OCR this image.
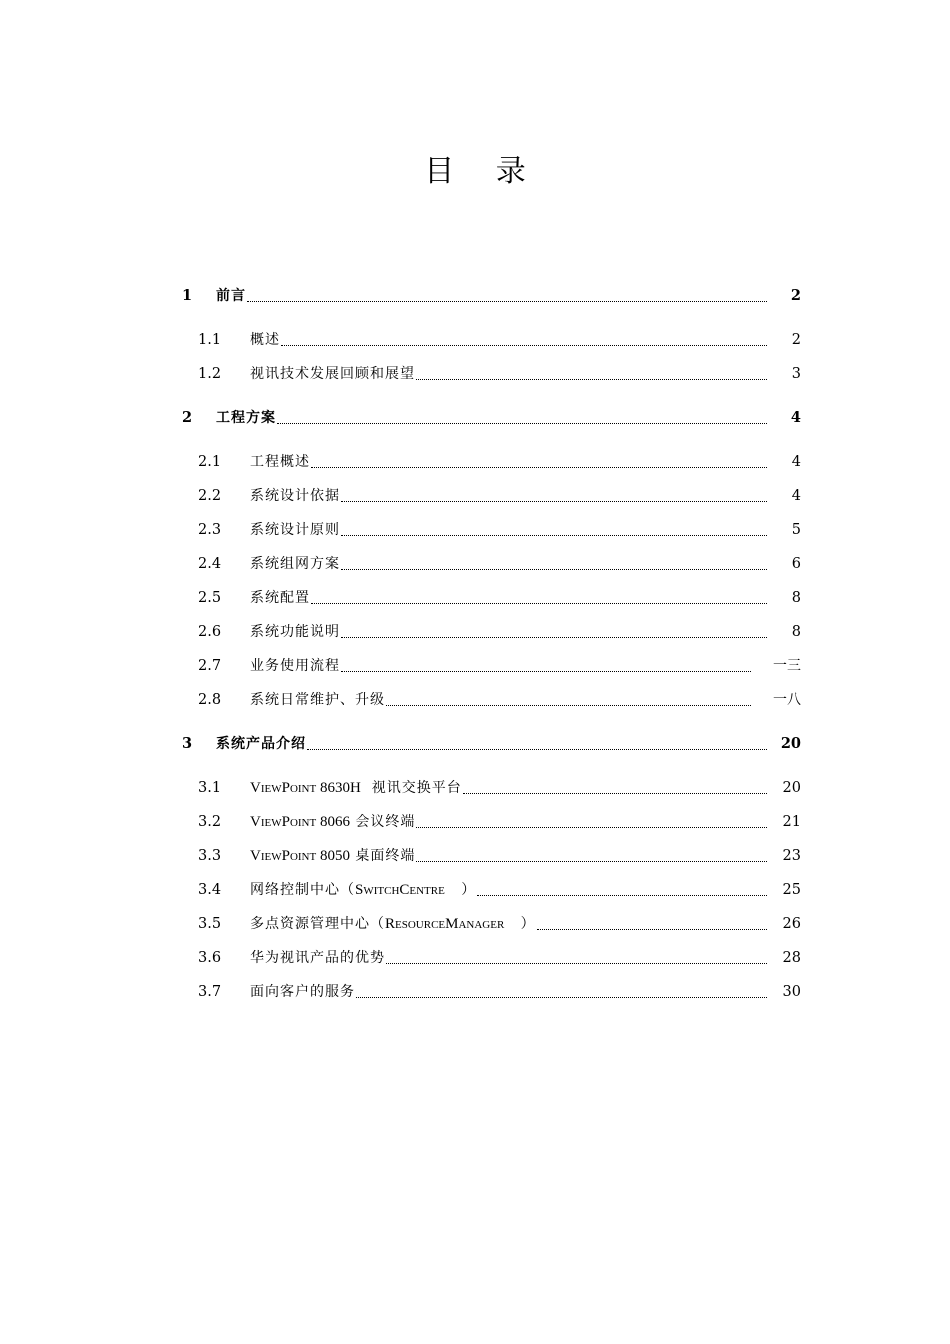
目 录
1	前言	2
1.1	概述	2
1.2	视讯技术发展回顾和展望	3
2	工程方案	4
2.1	工程概述	4
2.2	系统设计依据	4
2.3	系统设计原则	5
2.4	系统组网方案	6
2.5	系统配置	8
2.6	系统功能说明	8
2.7	业务使用流程	一三
2.8	系统日常维护、升级	一八
3	系统产品介绍	20
3.1	ViewPoint 8630H 视讯交换平台	20
3.2	ViewPoint 8066 会议终端	21
3.3	ViewPoint 8050 桌面终端	23
3.4	网络控制中心（SwitchCentre ）	25
3.5	多点资源管理中心（ResourceManager ）	26
3.6	华为视讯产品的优势	28
3.7	面向客户的服务	30
